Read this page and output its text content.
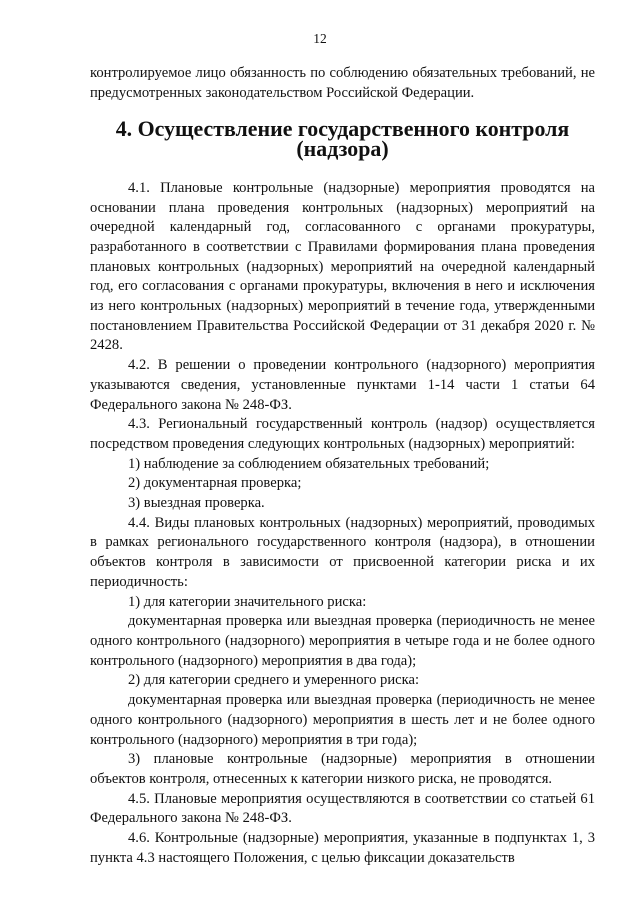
12

контролируемое лицо обязанность по соблюдению обязательных требований, не предусмотренных законодательством Российской Федерации.

4. Осуществление государственного контроля (надзора)

4.1. Плановые контрольные (надзорные) мероприятия проводятся на основании плана проведения контрольных (надзорных) мероприятий на очередной календарный год, согласованного с органами прокуратуры, разработанного в соответствии с Правилами формирования плана проведения плановых контрольных (надзорных) мероприятий на очередной календарный год, его согласования с органами прокуратуры, включения в него и исключения из него контрольных (надзорных) мероприятий в течение года, утвержденными постановлением Правительства Российской Федерации от 31 декабря 2020 г. № 2428.

4.2. В решении о проведении контрольного (надзорного) мероприятия указываются сведения, установленные пунктами 1-14 части 1 статьи 64 Федерального закона № 248-ФЗ.

4.3. Региональный государственный контроль (надзор) осуществляется посредством проведения следующих контрольных (надзорных) мероприятий:

1) наблюдение за соблюдением обязательных требований;

2) документарная проверка;

3) выездная проверка.

4.4. Виды плановых контрольных (надзорных) мероприятий, проводимых в рамках регионального государственного контроля (надзора), в отношении объектов контроля в зависимости от присвоенной категории риска и их периодичность:

1) для категории значительного риска:

документарная проверка или выездная проверка (периодичность не менее одного контрольного (надзорного) мероприятия в четыре года и не более одного контрольного (надзорного) мероприятия в два года);

2) для категории среднего и умеренного риска:

документарная проверка или выездная проверка (периодичность не менее одного контрольного (надзорного) мероприятия в шесть лет и не более одного контрольного (надзорного) мероприятия в три года);

3) плановые контрольные (надзорные) мероприятия в отношении объектов контроля, отнесенных к категории низкого риска, не проводятся.

4.5. Плановые мероприятия осуществляются в соответствии со статьей 61 Федерального закона № 248-ФЗ.

4.6. Контрольные (надзорные) мероприятия, указанные в подпунктах 1, 3 пункта 4.3 настоящего Положения, с целью фиксации доказательств
